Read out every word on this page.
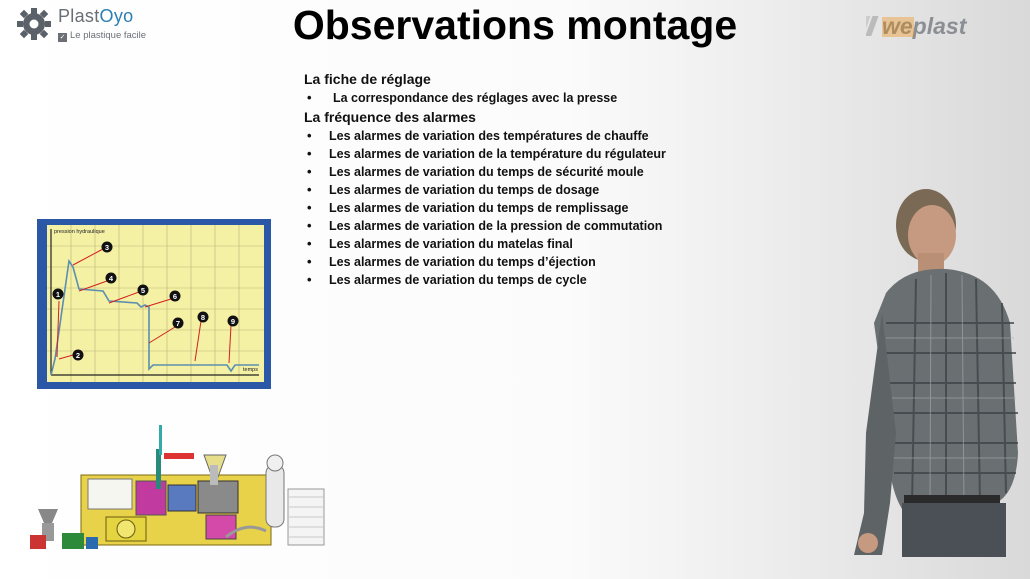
PlastOyo
✓ Le plastique facile	Observations montage	weplast

La fiche de réglage

• La correspondance des réglages avec la presse

La fréquence des alarmes

• Les alarmes de variation des températures de chauffe
• Les alarmes de variation de la température du régulateur
• Les alarmes de variation du temps de sécurité moule
• Les alarmes de variation du temps de dosage
• Les alarmes de variation du temps de remplissage
• Les alarmes de variation de la pression de commutation
• Les alarmes de variation du matelas final
• Les alarmes de variation du temps d’éjection
• Les alarmes de variation du temps de cycle
pression hydraulique
temps
1
2
3
4
5
6
7
8	9
